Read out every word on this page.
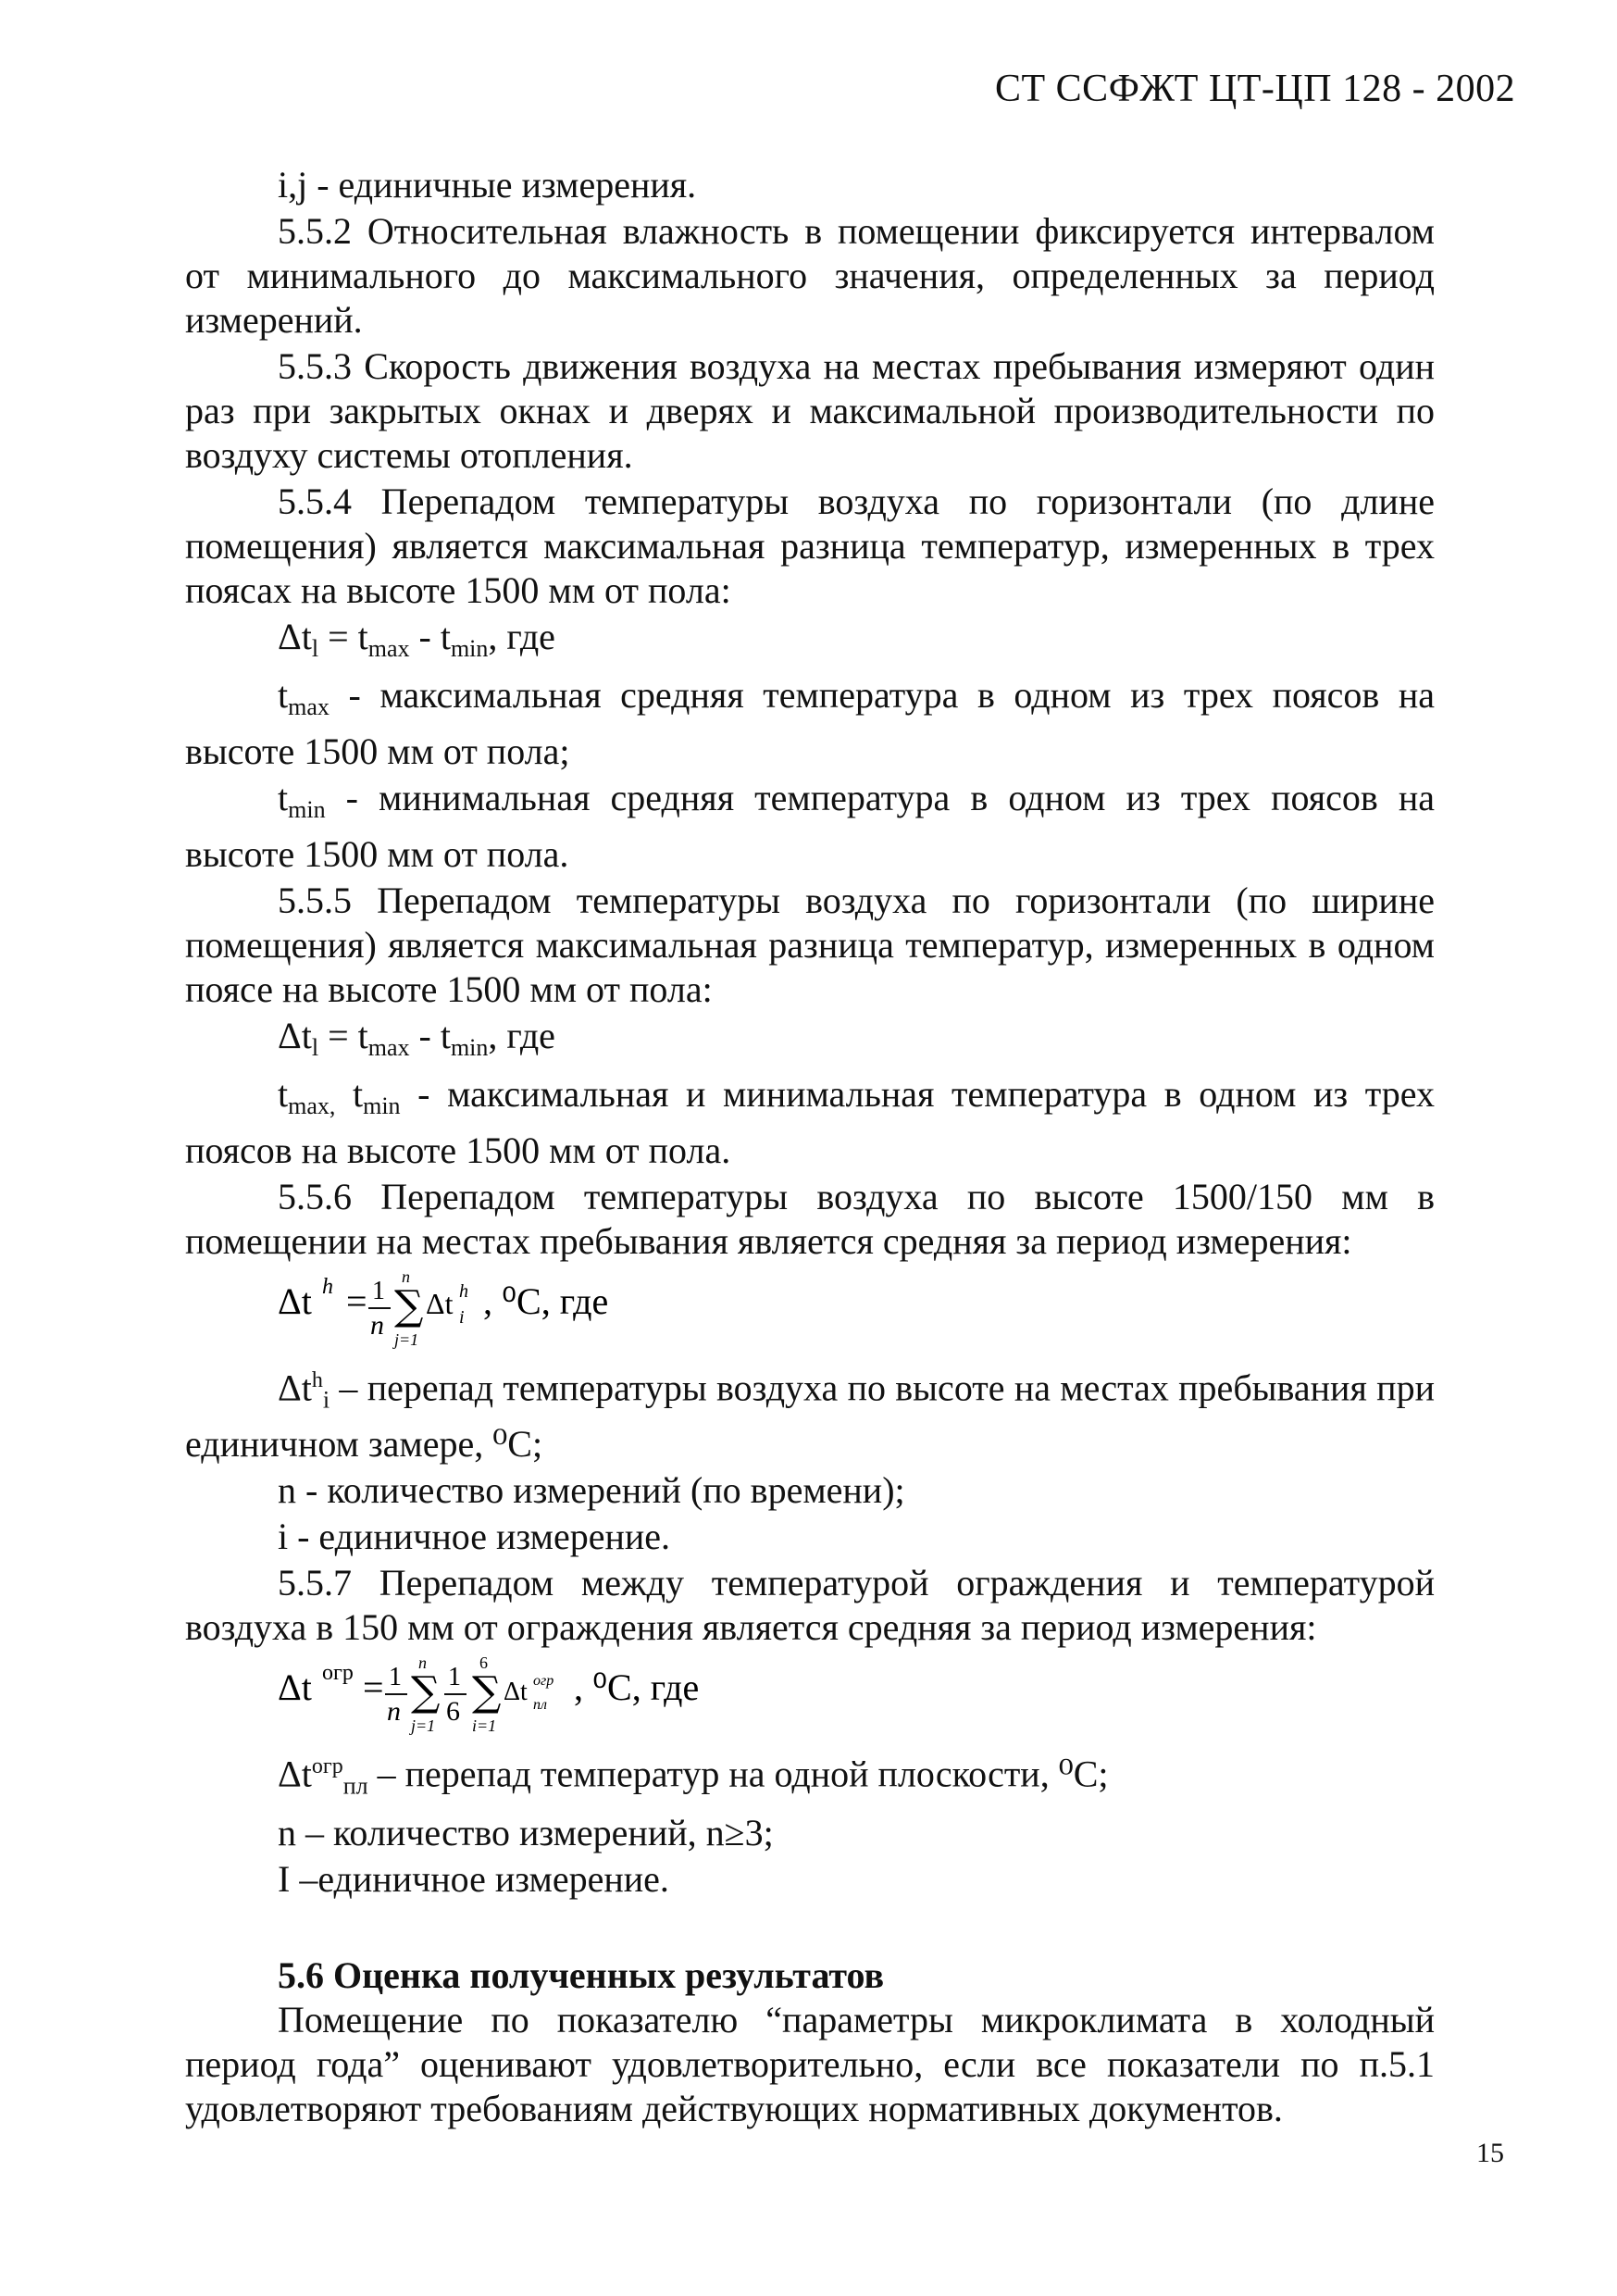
СТ ССФЖТ ЦТ-ЦП 128 - 2002

i,j - единичные измерения.

5.5.2 Относительная влажность в помещении фиксируется интервалом от минимального до максимального значения, определенных за период измерений.

5.5.3 Скорость движения воздуха на местах пребывания измеряют один раз при закрытых окнах и дверях и максимальной производительности по воздуху системы отопления.

5.5.4 Перепадом температуры воздуха по горизонтали (по длине помещения) является максимальная разница температур, измеренных в трех поясах на высоте 1500 мм от пола:

$\Delta t_l = t_{max} - t_{min}$, где

$t_{max}$ - максимальная средняя температура в одном из трех поясов на высоте 1500 мм от пола;

$t_{min}$ - минимальная средняя температура в одном из трех поясов на высоте 1500 мм от пола.

5.5.5 Перепадом температуры воздуха по горизонтали (по ширине помещения) является максимальная разница температур, измеренных в одном поясе на высоте 1500 мм от пола:

$\Delta t_l = t_{max} - t_{min}$, где

$t_{max,}$ $t_{min}$ - максимальная и минимальная температура в одном из трех поясов на высоте 1500 мм от пола.

5.5.6 Перепадом температуры воздуха по высоте 1500/150 мм в помещении на местах пребывания является средняя за период измерения:

Δt h = 1
n
n
∑
j=1
Δt h
i , ⁰С, где

$\Delta t^h_i$ – перепад температуры воздуха по высоте на местах пребывания при единичном замере, ⁰С;

n - количество измерений (по времени);
i - единичное измерение.

5.5.7 Перепадом между температурой ограждения и температурой воздуха в 150 мм от ограждения является средняя за период измерения:

Δt огр = 1
n
n
∑
j=1
1
6
6
∑
i=1
Δt огр
пл , ⁰С, где

$\Delta t^{огр}_{пл}$ – перепад температур на одной плоскости, ⁰С;

n – количество измерений, n≥3;
I –единичное измерение.
5.6 Оценка полученных результатов

Помещение по показателю “параметры микроклимата в холодный период года” оценивают удовлетворительно, если все показатели по п.5.1 удовлетворяют требованиям действующих нормативных документов.

15
